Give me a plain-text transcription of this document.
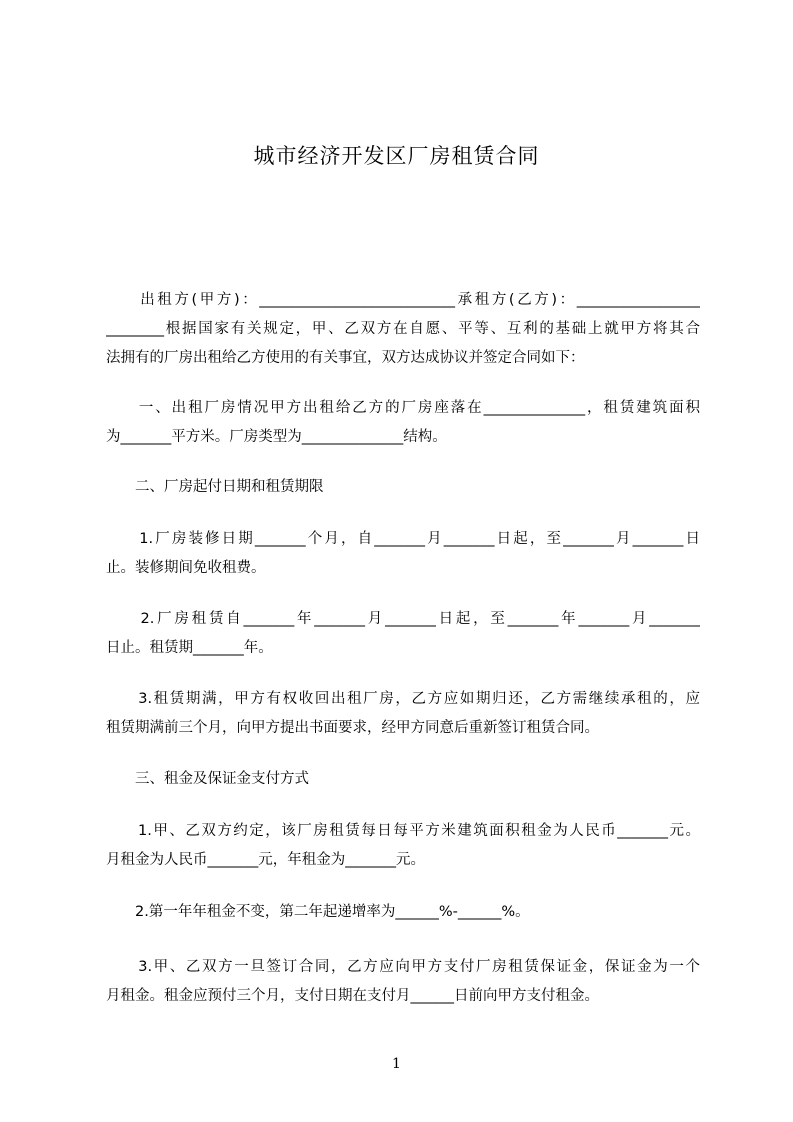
城市经济开发区厂房租赁合同
　　出租方(甲方)：___________________________承租方(乙方)：_________________
________根据国家有关规定，甲、乙双方在自愿、平等、互利的基础上就甲方将其合
法拥有的厂房出租给乙方使用的有关事宜，双方达成协议并签定合同如下：
　　一、出租厂房情况甲方出租给乙方的厂房座落在______________，租赁建筑面积
为_______平方米。厂房类型为______________结构。
　　二、厂房起付日期和租赁期限
　　1.厂房装修日期_______个月，自_______月_______日起，至_______月_______日
止。装修期间免收租费。
　　2.厂房租赁自_______年_______月_______日起，至_______年_______月_______
日止。租赁期_______年。
　　3.租赁期满，甲方有权收回出租厂房，乙方应如期归还，乙方需继续承租的，应
租赁期满前三个月，向甲方提出书面要求，经甲方同意后重新签订租赁合同。
　　三、租金及保证金支付方式
　　1.甲、乙双方约定，该厂房租赁每日每平方米建筑面积租金为人民币_______元。
月租金为人民币_______元，年租金为_______元。
　　2.第一年年租金不变，第二年起递增率为______%-______%。
　　3.甲、乙双方一旦签订合同，乙方应向甲方支付厂房租赁保证金，保证金为一个
月租金。租金应预付三个月，支付日期在支付月______日前向甲方支付租金。
1
